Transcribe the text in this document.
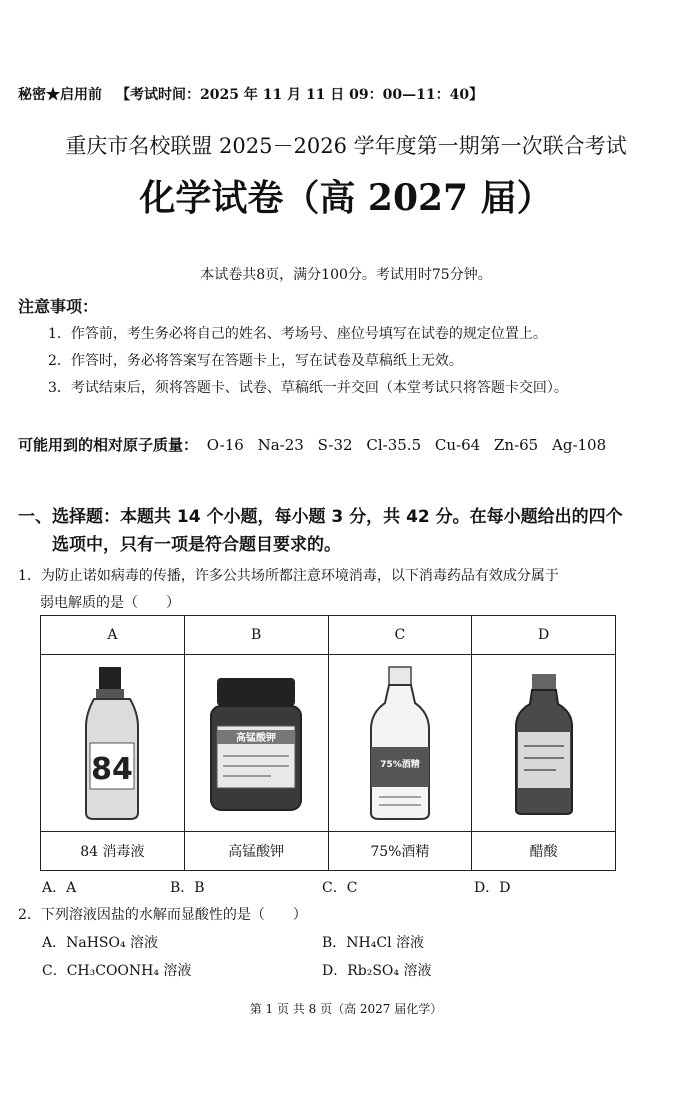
秘密★启用前 【考试时间：2025 年 11 月 11 日 09：00—11：40】
重庆市名校联盟 2025－2026 学年度第一期第一次联合考试
化学试卷（高 2027 届）
本试卷共8页，满分100分。考试用时75分钟。
注意事项：
1．作答前，考生务必将自己的姓名、考场号、座位号填写在试卷的规定位置上。
2．作答时，务必将答案写在答题卡上，写在试卷及草稿纸上无效。
3．考试结束后，须将答题卡、试卷、草稿纸一并交回（本堂考试只将答题卡交回）。
可能用到的相对原子质量： O-16 Na-23 S-32 Cl-35.5 Cu-64 Zn-65 Ag-108
一、选择题：本题共 14 个小题，每小题 3 分，共 42 分。在每小题给出的四个
选项中，只有一项是符合题目要求的。
1．为防止诺如病毒的传播，许多公共场所都注意环境消毒，以下消毒药品有效成分属于
弱电解质的是（　　）
A	B	C	D

84	高锰酸钾	75%酒精

84 消毒液	高锰酸钾	75%酒精	醋酸
A．A	B．B	C．C	D．D
2．下列溶液因盐的水解而显酸性的是（　　）
A．NaHSO₄ 溶液	B．NH₄Cl 溶液
C．CH₃COONH₄ 溶液	D．Rb₂SO₄ 溶液
第 1 页 共 8 页（高 2027 届化学）
